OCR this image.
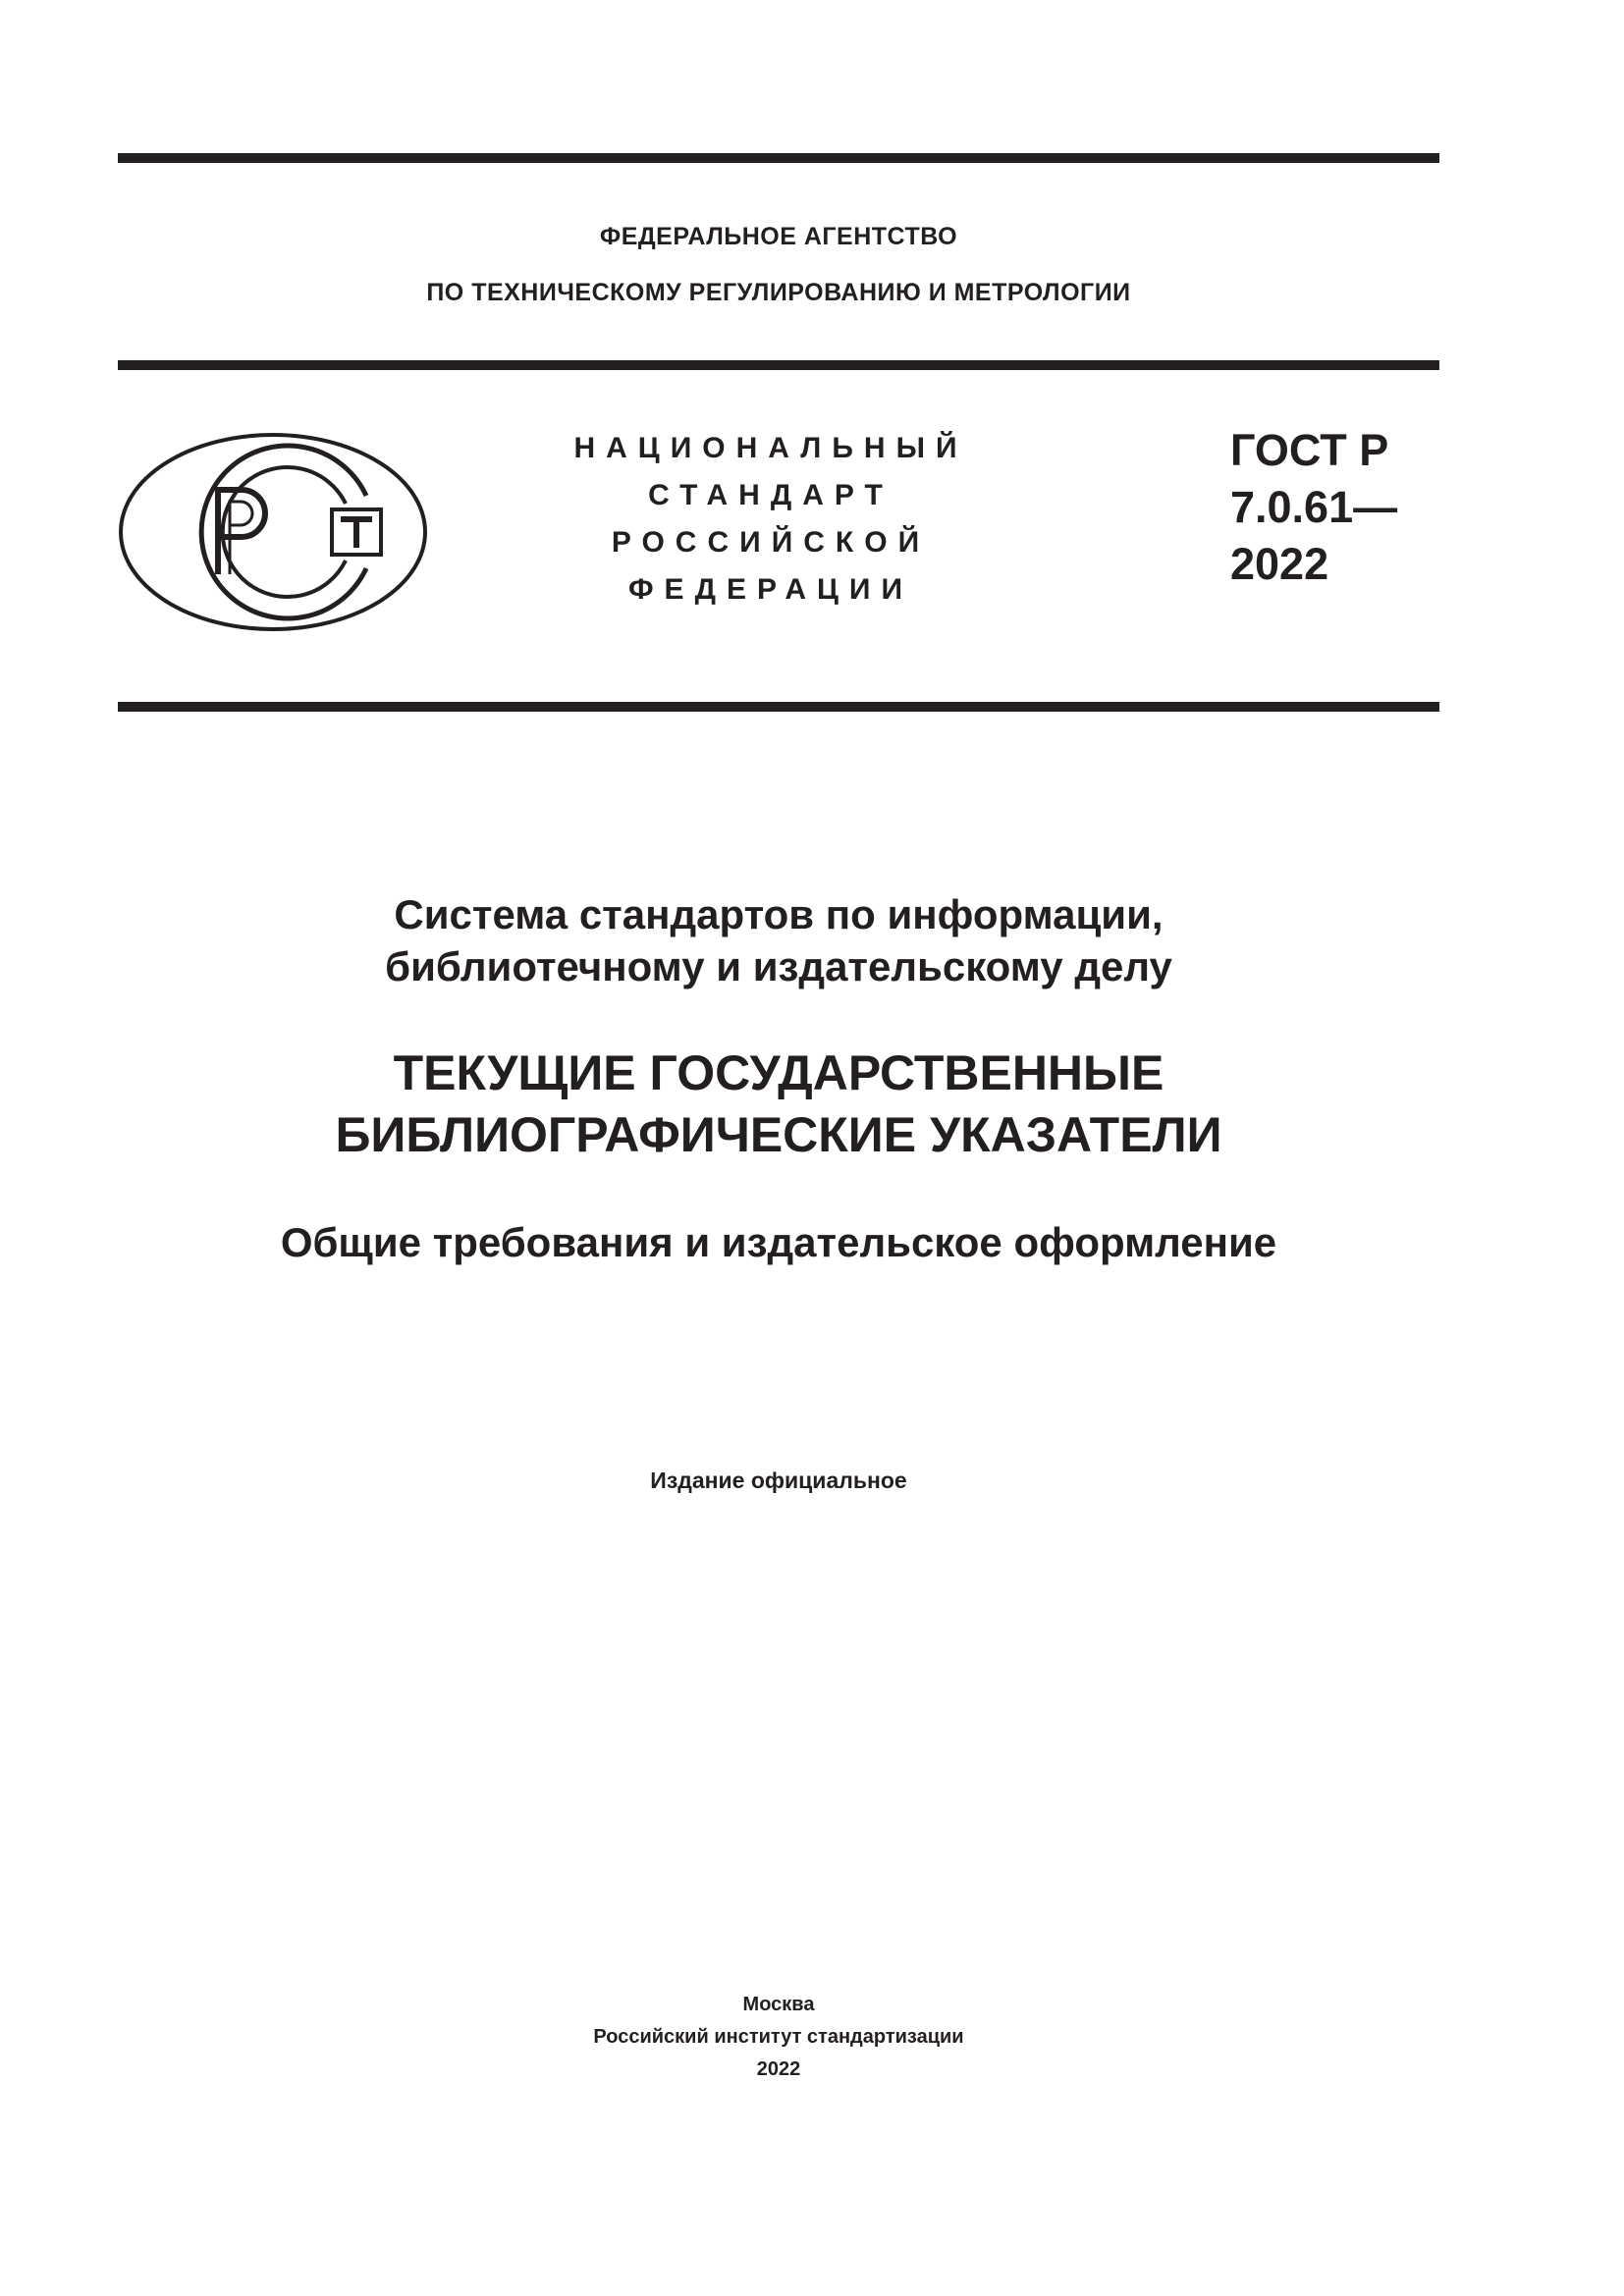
ФЕДЕРАЛЬНОЕ АГЕНТСТВО
ПО ТЕХНИЧЕСКОМУ РЕГУЛИРОВАНИЮ И МЕТРОЛОГИИ
НАЦИОНАЛЬНЫЙ
СТАНДАРТ
РОССИЙСКОЙ
ФЕДЕРАЦИИ
ГОСТ Р
7.0.61—
2022
Система стандартов по информации,
библиотечному и издательскому делу
ТЕКУЩИЕ ГОСУДАРСТВЕННЫЕ
БИБЛИОГРАФИЧЕСКИЕ УКАЗАТЕЛИ
Общие требования и издательское оформление
Издание официальное
Москва
Российский институт стандартизации
2022
